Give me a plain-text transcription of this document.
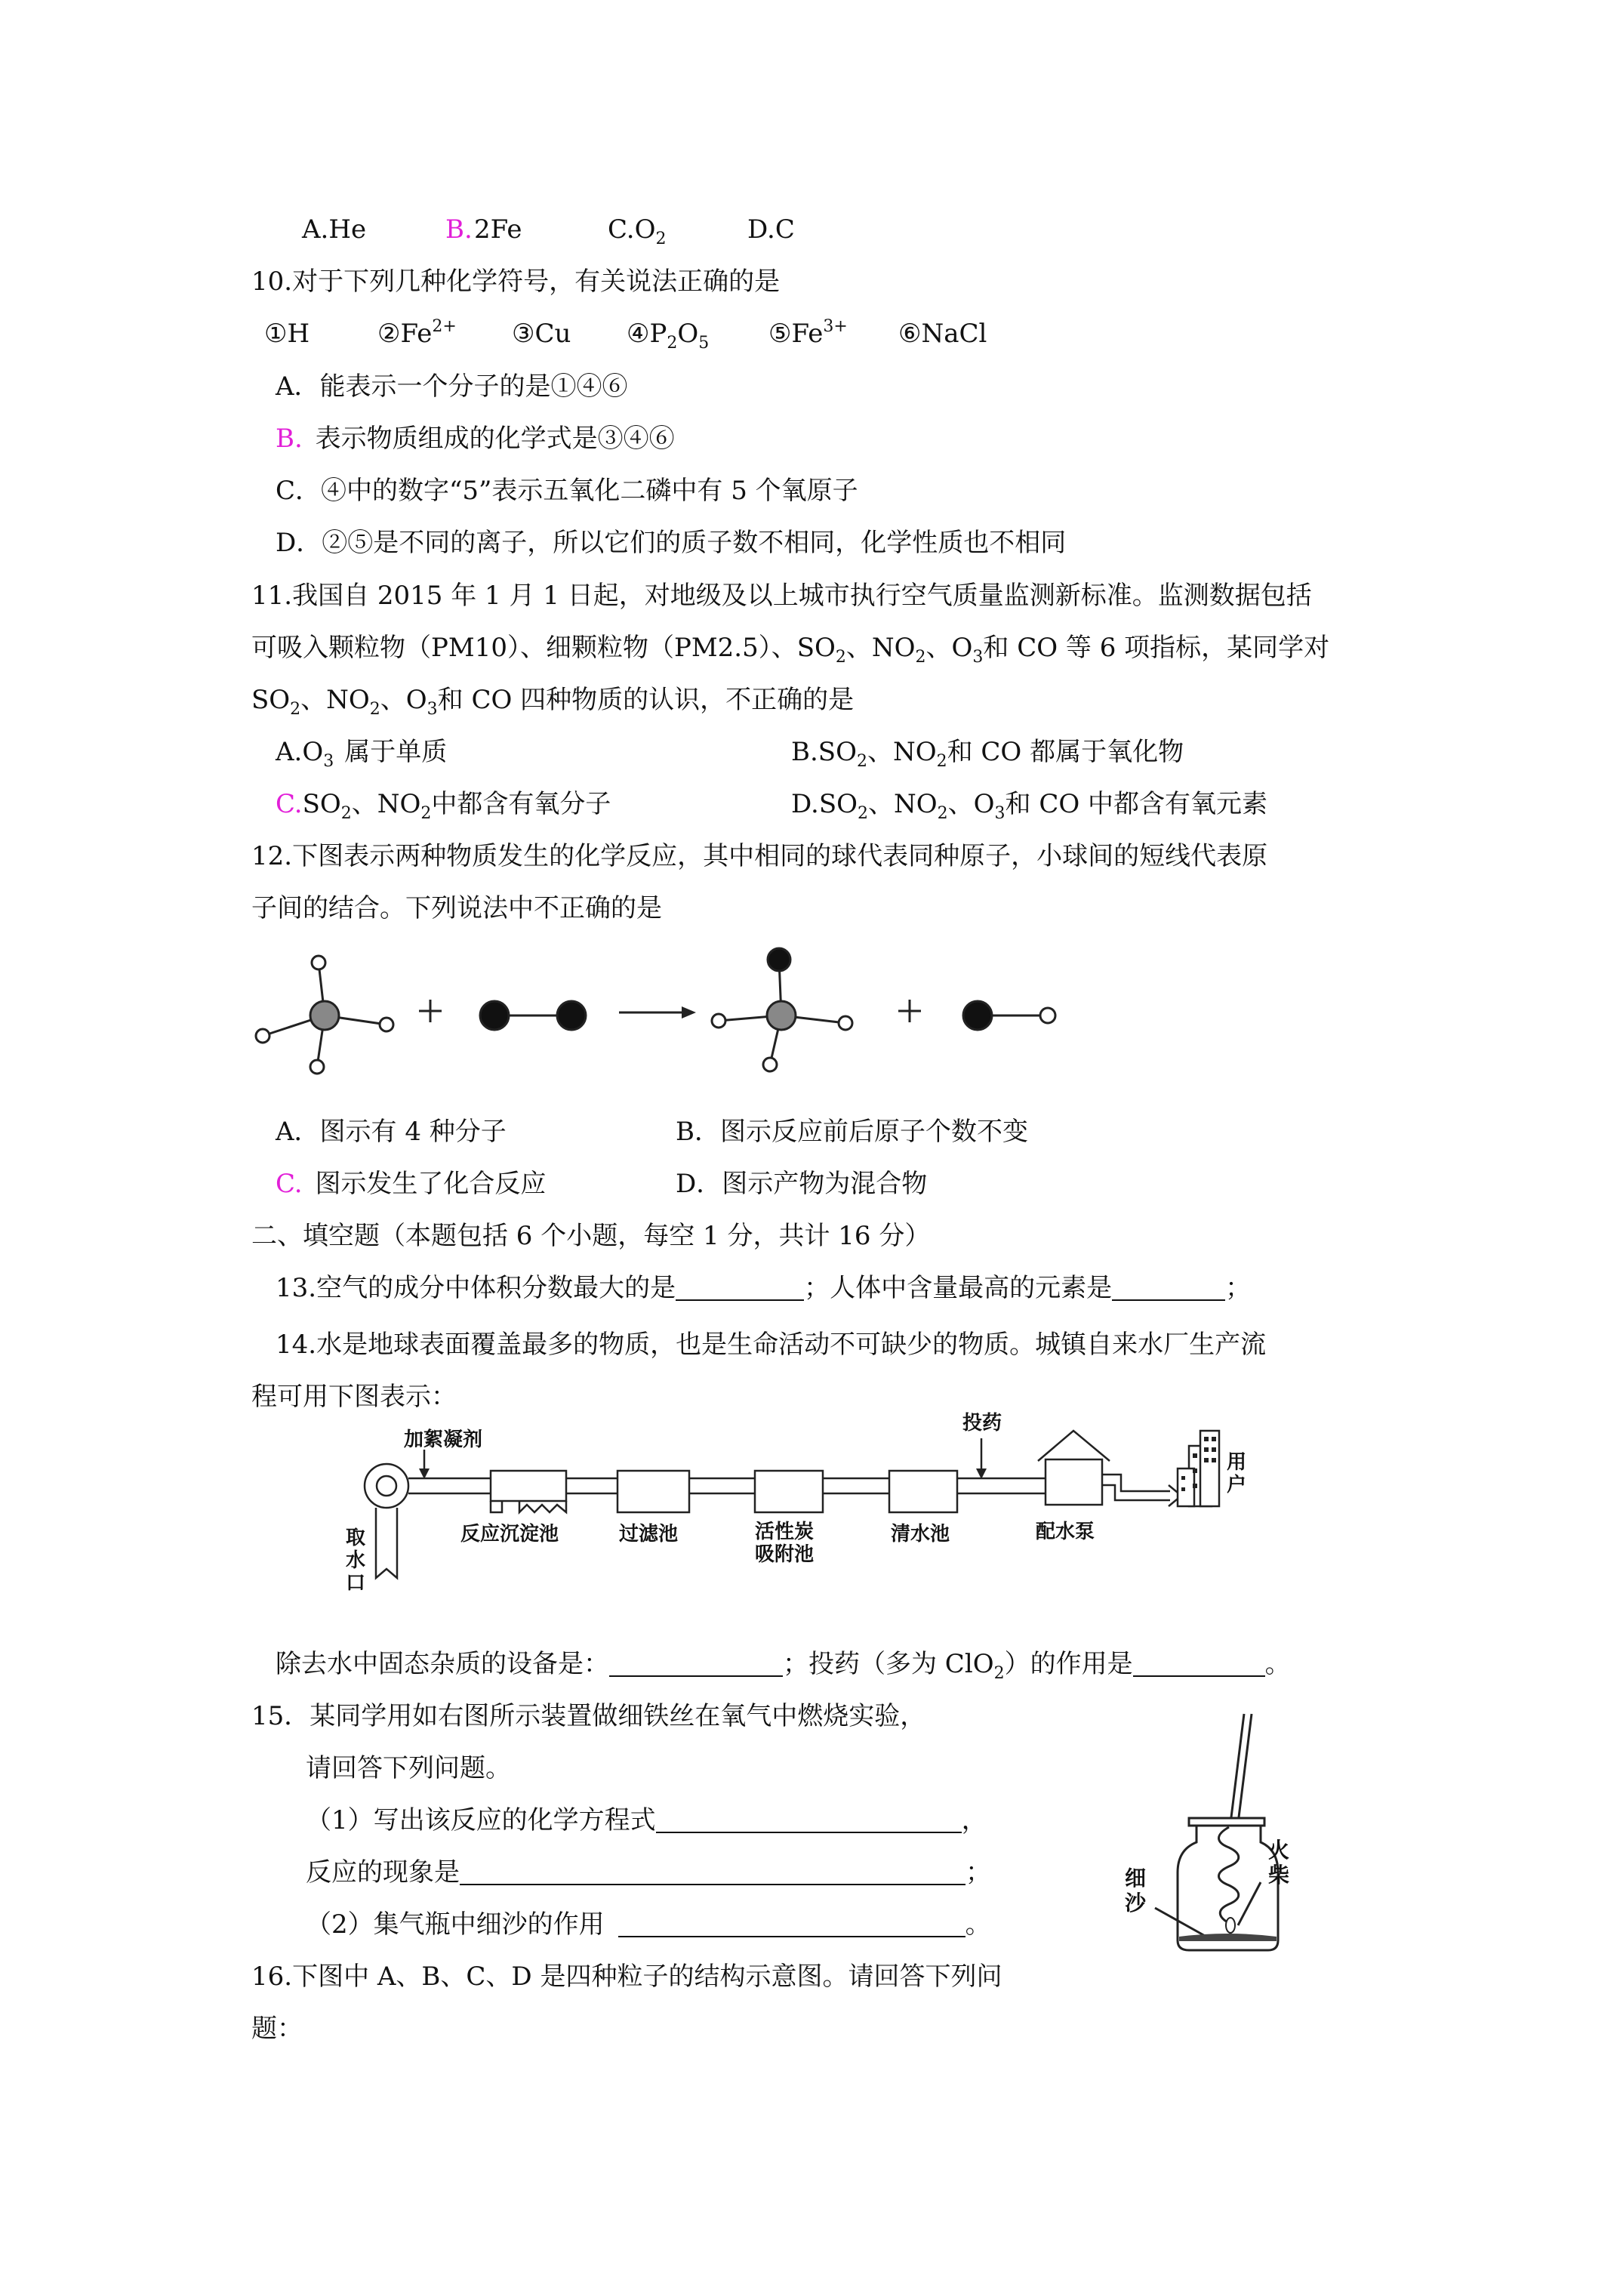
A.He	B. 2Fe	$C.O_2$	D.C
10.对于下列几种化学符号，有关说法正确的是
①H	$②Fe^{2+}$ ③Cu $④P_2O_5$ $⑤Fe^{3+}$ ⑥NaCl
A．能表示一个分子的是①④⑥
B. 表示物质组成的化学式是③④⑥
C．④中的数字“5”表示五氧化二磷中有 5 个氧原子
D．②⑤是不同的离子，所以它们的质子数不相同，化学性质也不相同
11.我国自 2015 年 1 月 1 日起，对地级及以上城市执行空气质量监测新标准。监测数据包括
可吸入颗粒物（PM10）、细颗粒物（PM2.5）、$SO_2$、$NO_2$、$O_3$和 CO 等 6 项指标，某同学对
$SO_2$、$NO_2$、$O_3$和 CO 四种物质的认识，不正确的是
$A.O_3$ 属于单质	$B.SO_2$、$NO_2$和 CO 都属于氧化物
$C.SO_2$、$NO_2$中都含有氧分子	$D.SO_2$、$NO_2$、$O_3$和 CO 中都含有氧元素
12.下图表示两种物质发生的化学反应，其中相同的球代表同种原子，小球间的短线代表原
子间的结合。下列说法中不正确的是
A．图示有 4 种分子	B．图示反应前后原子个数不变
C. 图示发生了化合反应	D．图示产物为混合物
二、填空题（本题包括 6 个小题，每空 1 分，共计 16 分）
13.空气的成分中体积分数最大的是	；人体中含量最高的元素是	；
14.水是地球表面覆盖最多的物质，也是生命活动不可缺少的物质。城镇自来水厂生产流
程可用下图表示：
加絮凝剂
投药
取
水
口
反应沉淀池	过滤池	活性炭
吸附池
清水池	配水泵
用
户
除去水中固态杂质的设备是：	；投药（多为 ClO$_2$）的作用是	。
15．某同学用如右图所示装置做细铁丝在氧气中燃烧实验，
请回答下列问题。
（1）写出该反应的化学方程式	，
反应的现象是	；
（2）集气瓶中细沙的作用	。
细
沙
火
柴
16.下图中 A、B、C、D 是四种粒子的结构示意图。请回答下列问
题：
